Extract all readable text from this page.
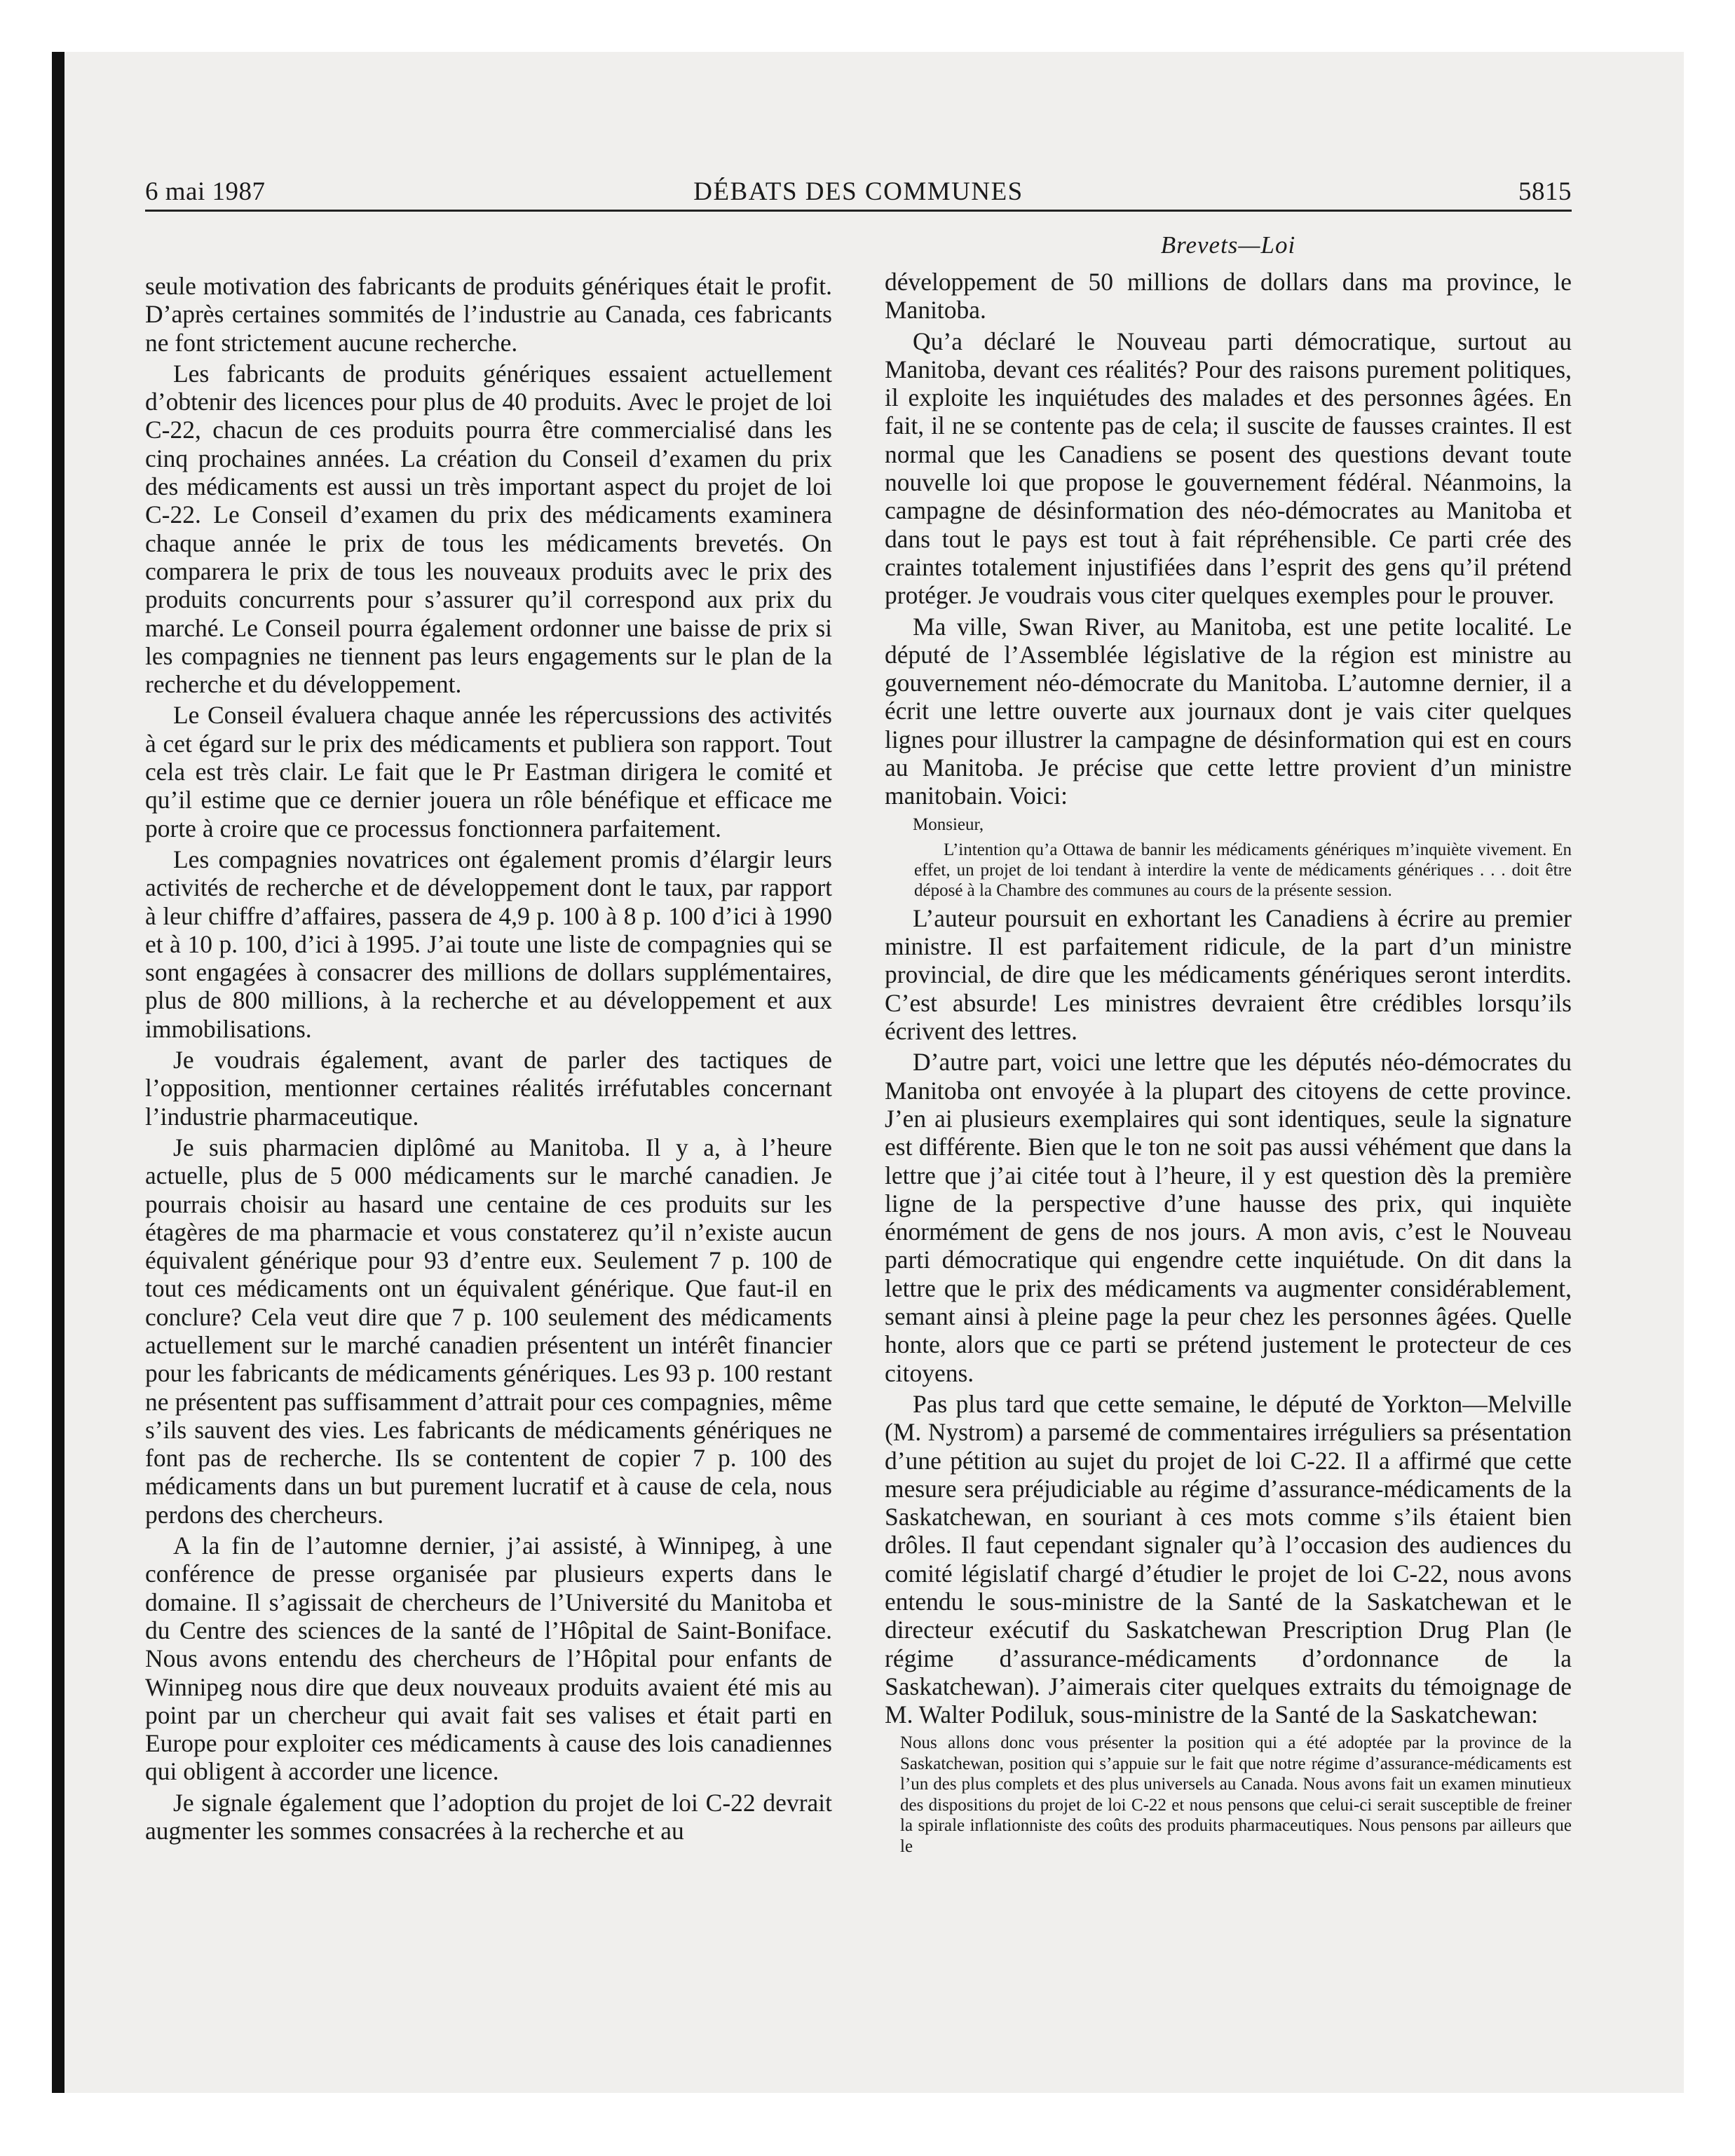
6 mai 1987	DÉBATS DES COMMUNES	5815
Brevets—Loi

seule motivation des fabricants de produits génériques était le profit. D’après certaines sommités de l’industrie au Canada, ces fabricants ne font strictement aucune recherche.

Les fabricants de produits génériques essaient actuellement d’obtenir des licences pour plus de 40 produits. Avec le projet de loi C-22, chacun de ces produits pourra être commercialisé dans les cinq prochaines années. La création du Conseil d’examen du prix des médicaments est aussi un très important aspect du projet de loi C-22. Le Conseil d’examen du prix des médicaments examinera chaque année le prix de tous les médicaments brevetés. On comparera le prix de tous les nouveaux produits avec le prix des produits concurrents pour s’assurer qu’il correspond aux prix du marché. Le Conseil pourra également ordonner une baisse de prix si les compagnies ne tiennent pas leurs engagements sur le plan de la recherche et du développement.

Le Conseil évaluera chaque année les répercussions des activités à cet égard sur le prix des médicaments et publiera son rapport. Tout cela est très clair. Le fait que le Pr Eastman dirigera le comité et qu’il estime que ce dernier jouera un rôle bénéfique et efficace me porte à croire que ce processus fonctionnera parfaitement.

Les compagnies novatrices ont également promis d’élargir leurs activités de recherche et de développement dont le taux, par rapport à leur chiffre d’affaires, passera de 4,9 p. 100 à 8 p. 100 d’ici à 1990 et à 10 p. 100, d’ici à 1995. J’ai toute une liste de compagnies qui se sont engagées à consacrer des millions de dollars supplémentaires, plus de 800 millions, à la recherche et au développement et aux immobilisations.

Je voudrais également, avant de parler des tactiques de l’opposition, mentionner certaines réalités irréfutables concernant l’industrie pharmaceutique.

Je suis pharmacien diplômé au Manitoba. Il y a, à l’heure actuelle, plus de 5 000 médicaments sur le marché canadien. Je pourrais choisir au hasard une centaine de ces produits sur les étagères de ma pharmacie et vous constaterez qu’il n’existe aucun équivalent générique pour 93 d’entre eux. Seulement 7 p. 100 de tout ces médicaments ont un équivalent générique. Que faut-il en conclure? Cela veut dire que 7 p. 100 seulement des médicaments actuellement sur le marché canadien présentent un intérêt financier pour les fabricants de médicaments génériques. Les 93 p. 100 restant ne présentent pas suffisamment d’attrait pour ces compagnies, même s’ils sauvent des vies. Les fabricants de médicaments génériques ne font pas de recherche. Ils se contentent de copier 7 p. 100 des médicaments dans un but purement lucratif et à cause de cela, nous perdons des chercheurs.

A la fin de l’automne dernier, j’ai assisté, à Winnipeg, à une conférence de presse organisée par plusieurs experts dans le domaine. Il s’agissait de chercheurs de l’Université du Manitoba et du Centre des sciences de la santé de l’Hôpital de Saint-Boniface. Nous avons entendu des chercheurs de l’Hôpital pour enfants de Winnipeg nous dire que deux nouveaux produits avaient été mis au point par un chercheur qui avait fait ses valises et était parti en Europe pour exploiter ces médicaments à cause des lois canadiennes qui obligent à accorder une licence.

Je signale également que l’adoption du projet de loi C-22 devrait augmenter les sommes consacrées à la recherche et au

développement de 50 millions de dollars dans ma province, le Manitoba.

Qu’a déclaré le Nouveau parti démocratique, surtout au Manitoba, devant ces réalités? Pour des raisons purement politiques, il exploite les inquiétudes des malades et des personnes âgées. En fait, il ne se contente pas de cela; il suscite de fausses craintes. Il est normal que les Canadiens se posent des questions devant toute nouvelle loi que propose le gouvernement fédéral. Néanmoins, la campagne de désinformation des néo-démocrates au Manitoba et dans tout le pays est tout à fait répréhensible. Ce parti crée des craintes totalement injustifiées dans l’esprit des gens qu’il prétend protéger. Je voudrais vous citer quelques exemples pour le prouver.

Ma ville, Swan River, au Manitoba, est une petite localité. Le député de l’Assemblée législative de la région est ministre au gouvernement néo-démocrate du Manitoba. L’automne dernier, il a écrit une lettre ouverte aux journaux dont je vais citer quelques lignes pour illustrer la campagne de désinformation qui est en cours au Manitoba. Je précise que cette lettre provient d’un ministre manitobain. Voici:

Monsieur,

L’intention qu’a Ottawa de bannir les médicaments génériques m’inquiète vivement. En effet, un projet de loi tendant à interdire la vente de médicaments génériques . . . doit être déposé à la Chambre des communes au cours de la présente session.

L’auteur poursuit en exhortant les Canadiens à écrire au premier ministre. Il est parfaitement ridicule, de la part d’un ministre provincial, de dire que les médicaments génériques seront interdits. C’est absurde! Les ministres devraient être crédibles lorsqu’ils écrivent des lettres.

D’autre part, voici une lettre que les députés néo-démocrates du Manitoba ont envoyée à la plupart des citoyens de cette province. J’en ai plusieurs exemplaires qui sont identiques, seule la signature est différente. Bien que le ton ne soit pas aussi véhément que dans la lettre que j’ai citée tout à l’heure, il y est question dès la première ligne de la perspective d’une hausse des prix, qui inquiète énormément de gens de nos jours. A mon avis, c’est le Nouveau parti démocratique qui engendre cette inquiétude. On dit dans la lettre que le prix des médicaments va augmenter considérablement, semant ainsi à pleine page la peur chez les personnes âgées. Quelle honte, alors que ce parti se prétend justement le protecteur de ces citoyens.

Pas plus tard que cette semaine, le député de Yorkton—Melville (M. Nystrom) a parsemé de commentaires irréguliers sa présentation d’une pétition au sujet du projet de loi C-22. Il a affirmé que cette mesure sera préjudiciable au régime d’assurance-médicaments de la Saskatchewan, en souriant à ces mots comme s’ils étaient bien drôles. Il faut cependant signaler qu’à l’occasion des audiences du comité législatif chargé d’étudier le projet de loi C-22, nous avons entendu le sous-ministre de la Santé de la Saskatchewan et le directeur exécutif du Saskatchewan Prescription Drug Plan (le régime d’assurance-médicaments d’ordonnance de la Saskatchewan). J’aimerais citer quelques extraits du témoignage de M. Walter Podiluk, sous-ministre de la Santé de la Saskatchewan:

Nous allons donc vous présenter la position qui a été adoptée par la province de la Saskatchewan, position qui s’appuie sur le fait que notre régime d’assurance-médicaments est l’un des plus complets et des plus universels au Canada. Nous avons fait un examen minutieux des dispositions du projet de loi C-22 et nous pensons que celui-ci serait susceptible de freiner la spirale inflationniste des coûts des produits pharmaceutiques. Nous pensons par ailleurs que le
